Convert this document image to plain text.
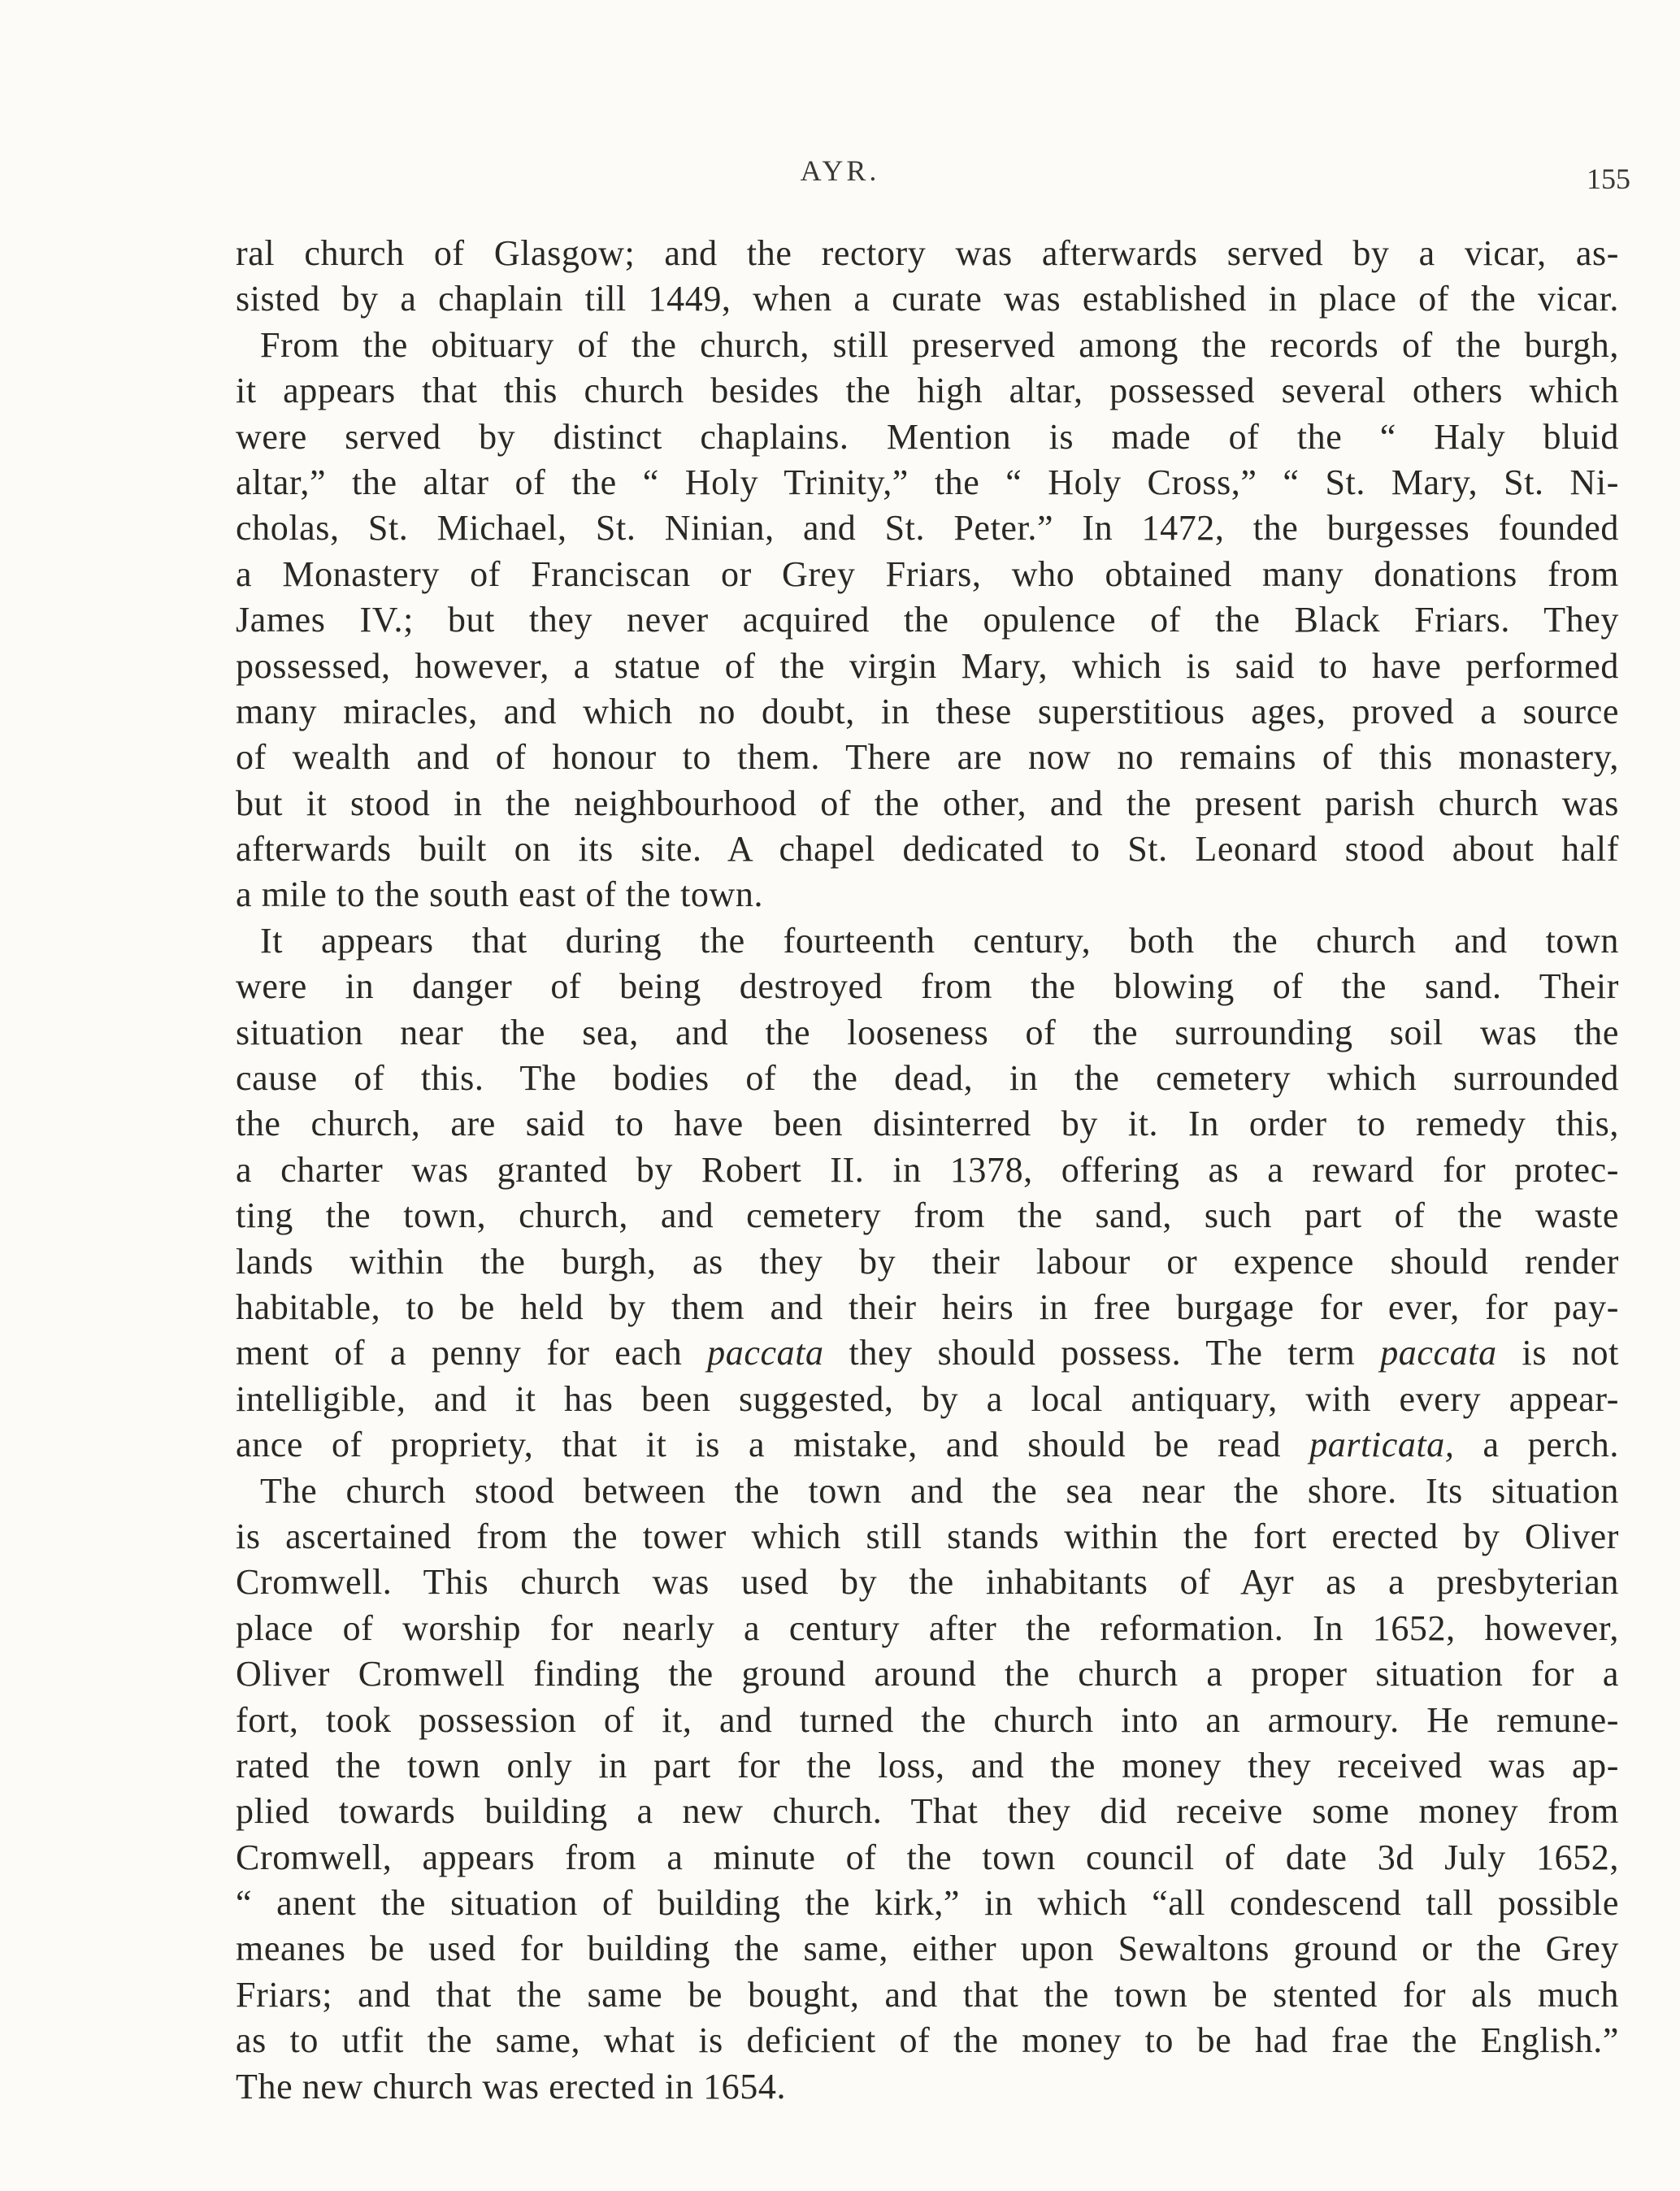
AYR.	155
ral church of Glasgow; and the rectory was afterwards served by a vicar, as-
sisted by a chaplain till 1449, when a curate was established in place of the vicar.
From the obituary of the church, still preserved among the records of the burgh,
it appears that this church besides the high altar, possessed several others which
were served by distinct chaplains. Mention is made of the “ Haly bluid
altar,” the altar of the “ Holy Trinity,” the “ Holy Cross,” “ St. Mary, St. Ni-
cholas, St. Michael, St. Ninian, and St. Peter.” In 1472, the burgesses founded
a Monastery of Franciscan or Grey Friars, who obtained many donations from
James IV.; but they never acquired the opulence of the Black Friars. They
possessed, however, a statue of the virgin Mary, which is said to have performed
many miracles, and which no doubt, in these superstitious ages, proved a source
of wealth and of honour to them. There are now no remains of this monastery,
but it stood in the neighbourhood of the other, and the present parish church was
afterwards built on its site. A chapel dedicated to St. Leonard stood about half
a mile to the south east of the town.
It appears that during the fourteenth century, both the church and town
were in danger of being destroyed from the blowing of the sand. Their
situation near the sea, and the looseness of the surrounding soil was the
cause of this. The bodies of the dead, in the cemetery which surrounded
the church, are said to have been disinterred by it. In order to remedy this,
a charter was granted by Robert II. in 1378, offering as a reward for protec-
ting the town, church, and cemetery from the sand, such part of the waste
lands within the burgh, as they by their labour or expence should render
habitable, to be held by them and their heirs in free burgage for ever, for pay-
ment of a penny for each paccata they should possess. The term paccata is not
intelligible, and it has been suggested, by a local antiquary, with every appear-
ance of propriety, that it is a mistake, and should be read particata, a perch.
The church stood between the town and the sea near the shore. Its situation
is ascertained from the tower which still stands within the fort erected by Oliver
Cromwell. This church was used by the inhabitants of Ayr as a presbyterian
place of worship for nearly a century after the reformation. In 1652, however,
Oliver Cromwell finding the ground around the church a proper situation for a
fort, took possession of it, and turned the church into an armoury. He remune-
rated the town only in part for the loss, and the money they received was ap-
plied towards building a new church. That they did receive some money from
Cromwell, appears from a minute of the town council of date 3d July 1652,
“ anent the situation of building the kirk,” in which “all condescend tall possible
meanes be used for building the same, either upon Sewaltons ground or the Grey
Friars; and that the same be bought, and that the town be stented for als much
as to utfit the same, what is deficient of the money to be had frae the English.”
The new church was erected in 1654.
